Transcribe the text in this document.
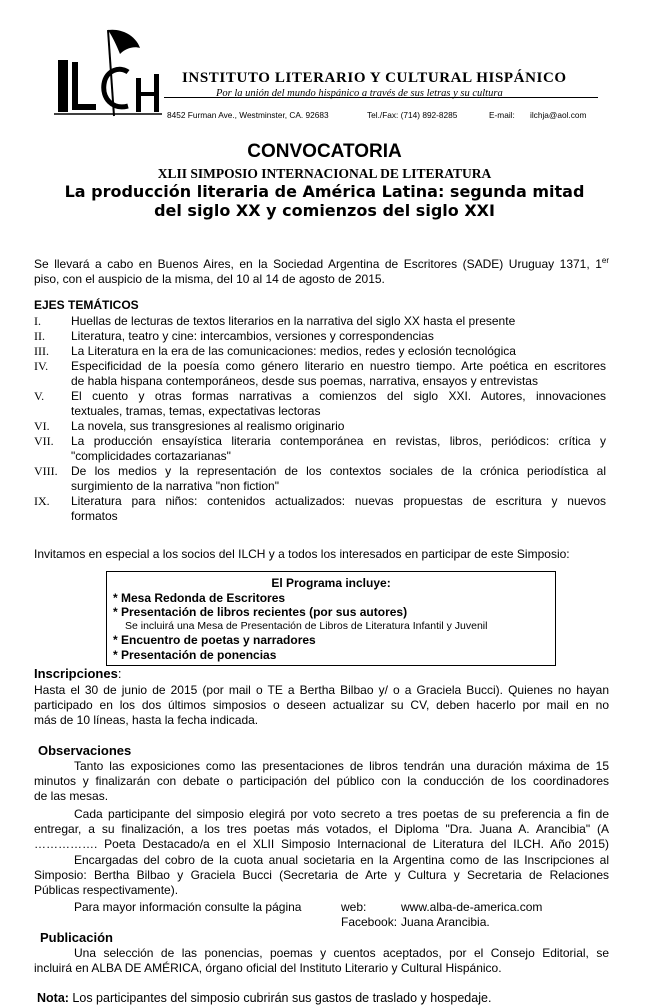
INSTITUTO LITERARIO Y CULTURAL HISPÁNICO
Por la unión del mundo hispánico a través de sus letras y su cultura
8452 Furman Ave., Westminster, CA. 92683	Tel./Fax: (714) 892-8285	E-mail: ilchja@aol.com
CONVOCATORIA
XLII SIMPOSIO INTERNACIONAL DE LITERATURA
La producción literaria de América Latina: segunda mitad
del siglo XX y comienzos del siglo XXI
Se llevará a cabo en Buenos Aires, en la Sociedad Argentina de Escritores (SADE) Uruguay 1371, 1er
piso, con el auspicio de la misma, del 10 al 14 de agosto de 2015.
EJES TEMÁTICOS
I.	Huellas de lecturas de textos literarios en la narrativa del siglo XX hasta el presente
II. Literatura, teatro y cine: intercambios, versiones y correspondencias
III. La Literatura en la era de las comunicaciones: medios, redes y eclosión tecnológica
IV. Especificidad de la poesía como género literario en nuestro tiempo. Arte poética en escritores
de habla hispana contemporáneos, desde sus poemas, narrativa, ensayos y entrevistas
V. El cuento y otras formas narrativas a comienzos del siglo XXI. Autores, innovaciones
textuales, tramas, temas, expectativas lectoras
VI. La novela, sus transgresiones al realismo originario
VII. La producción ensayística literaria contemporánea en revistas, libros, periódicos: crítica y
"complicidades cortazarianas"
VIII. De los medios y la representación de los contextos sociales de la crónica periodística al
surgimiento de la narrativa "non fiction"
IX. Literatura para niños: contenidos actualizados: nuevas propuestas de escritura y nuevos
formatos
Invitamos en especial a los socios del ILCH y a todos los interesados en participar de este Simposio:
El Programa incluye:
* Mesa Redonda de Escritores
* Presentación de libros recientes (por sus autores)
Se incluirá una Mesa de Presentación de Libros de Literatura Infantil y Juvenil
* Encuentro de poetas y narradores
* Presentación de ponencias
Inscripciones:
Hasta el 30 de junio de 2015 (por mail o TE a Bertha Bilbao y/ o a Graciela Bucci). Quienes no hayan
participado en los dos últimos simposios o deseen actualizar su CV, deben hacerlo por mail en no
más de 10 líneas, hasta la fecha indicada.
Observaciones
Tanto las exposiciones como las presentaciones de libros tendrán una duración máxima de 15
minutos y finalizarán con debate o participación del público con la conducción de los coordinadores
de las mesas.
Cada participante del simposio elegirá por voto secreto a tres poetas de su preferencia a fin de
entregar, a su finalización, a los tres poetas más votados, el Diploma "Dra. Juana A. Arancibia" (A
……………. Poeta Destacado/a en el XLII Simposio Internacional de Literatura del ILCH. Año 2015)
Encargadas del cobro de la cuota anual societaria en la Argentina como de las Inscripciones al
Simposio: Bertha Bilbao y Graciela Bucci (Secretaria de Arte y Cultura y Secretaria de Relaciones
Públicas respectivamente).
Para mayor información consulte la página	web:	www.alba-de-america.com
Facebook: Juana Arancibia.
Publicación
Una selección de las ponencias, poemas y cuentos aceptados, por el Consejo Editorial, se
incluirá en ALBA DE AMÉRICA, órgano oficial del Instituto Literario y Cultural Hispánico.
Nota: Los participantes del simposio cubrirán sus gastos de traslado y hospedaje.
